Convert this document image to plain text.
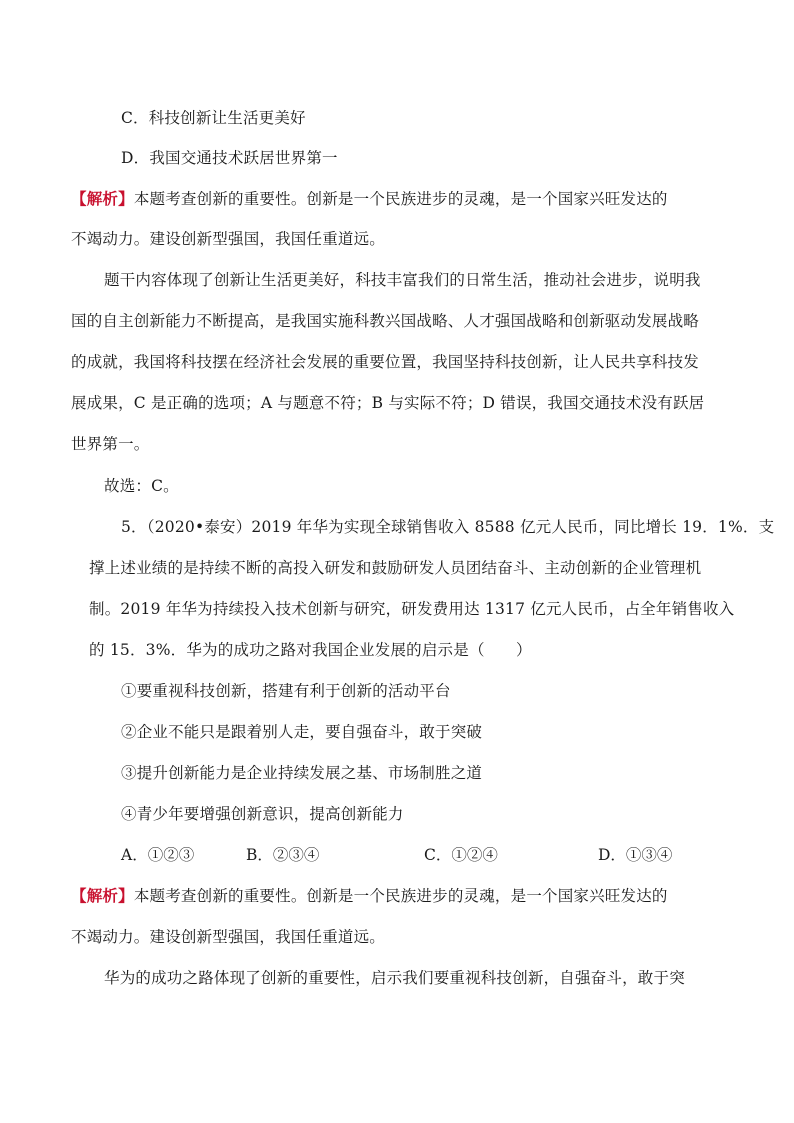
C．科技创新让生活更美好
D．我国交通技术跃居世界第一
【解析】本题考查创新的重要性。创新是一个民族进步的灵魂，是一个国家兴旺发达的
不竭动力。建设创新型强国，我国任重道远。
题干内容体现了创新让生活更美好，科技丰富我们的日常生活，推动社会进步，说明我
国的自主创新能力不断提高，是我国实施科教兴国战略、人才强国战略和创新驱动发展战略
的成就，我国将科技摆在经济社会发展的重要位置，我国坚持科技创新，让人民共享科技发
展成果，C 是正确的选项；A 与题意不符；B 与实际不符；D 错误，我国交通技术没有跃居
世界第一。
故选：C。
5．（2020•泰安）2019 年华为实现全球销售收入 8588 亿元人民币，同比增长 19．1%．支
撑上述业绩的是持续不断的高投入研发和鼓励研发人员团结奋斗、主动创新的企业管理机
制。2019 年华为持续投入技术创新与研究，研发费用达 1317 亿元人民币，占全年销售收入
的 15．3%．华为的成功之路对我国企业发展的启示是（　　）
①要重视科技创新，搭建有利于创新的活动平台
②企业不能只是跟着别人走，要自强奋斗，敢于突破
③提升创新能力是企业持续发展之基、市场制胜之道
④青少年要增强创新意识，提高创新能力
A．①②③	B．②③④	C．①②④	D．①③④
【解析】本题考查创新的重要性。创新是一个民族进步的灵魂，是一个国家兴旺发达的
不竭动力。建设创新型强国，我国任重道远。
华为的成功之路体现了创新的重要性，启示我们要重视科技创新，自强奋斗，敢于突
